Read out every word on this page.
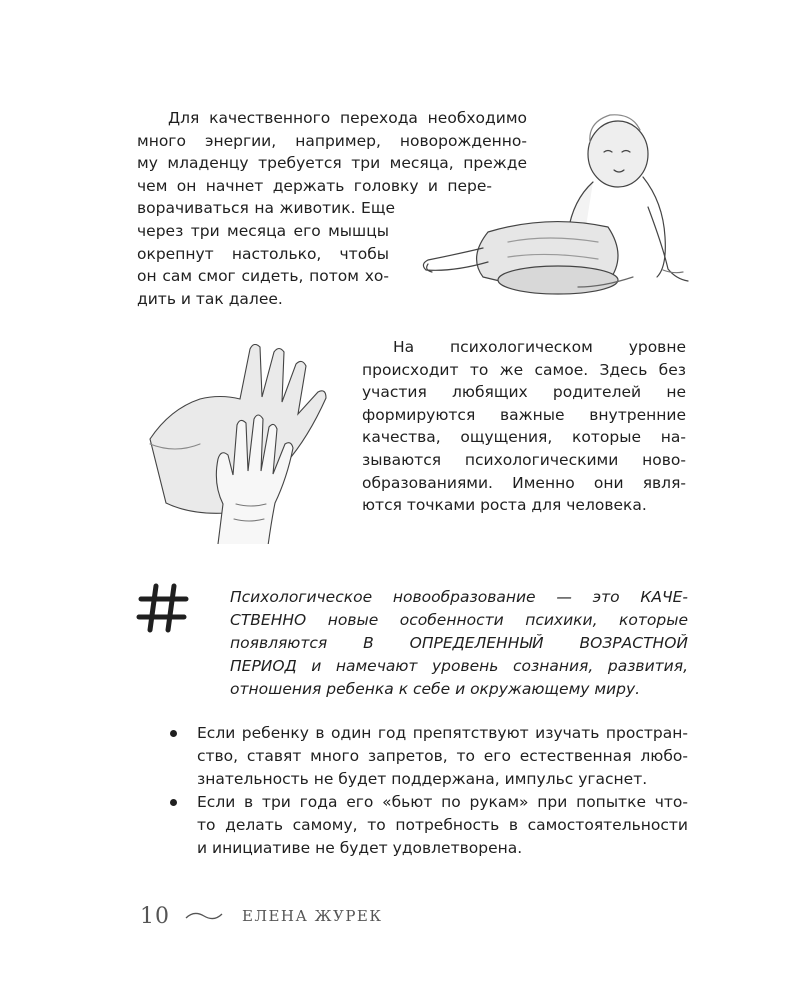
Для качественного перехода необходимо
много энергии, например, новорожденно-
му младенцу требуется три месяца, прежде
чем он начнет держать головку и пере-
ворачиваться на животик. Еще
через три месяца его мышцы
окрепнут настолько, чтобы
он сам смог сидеть, потом хо-
дить и так далее.
На психологическом уровне
происходит то же самое. Здесь без
участия любящих родителей не
формируются важные внутренние
качества, ощущения, которые на-
зываются психологическими ново-
образованиями. Именно они явля-
ются точками роста для человека.
Психологическое новообразование — это КАЧЕ-
СТВЕННО новые особенности психики, которые
появляются В ОПРЕДЕЛЕННЫЙ ВОЗРАСТНОЙ
ПЕРИОД и намечают уровень сознания, развития,
отношения ребенка к себе и окружающему миру.
Если ребенку в один год препятствуют изучать простран-
ство, ставят много запретов, то его естественная любо-
знательность не будет поддержана, импульс угаснет.
Если в три года его «бьют по рукам» при попытке что-
то делать самому, то потребность в самостоятельности
и инициативе не будет удовлетворена.
10	ЕЛЕНА ЖУРЕК
